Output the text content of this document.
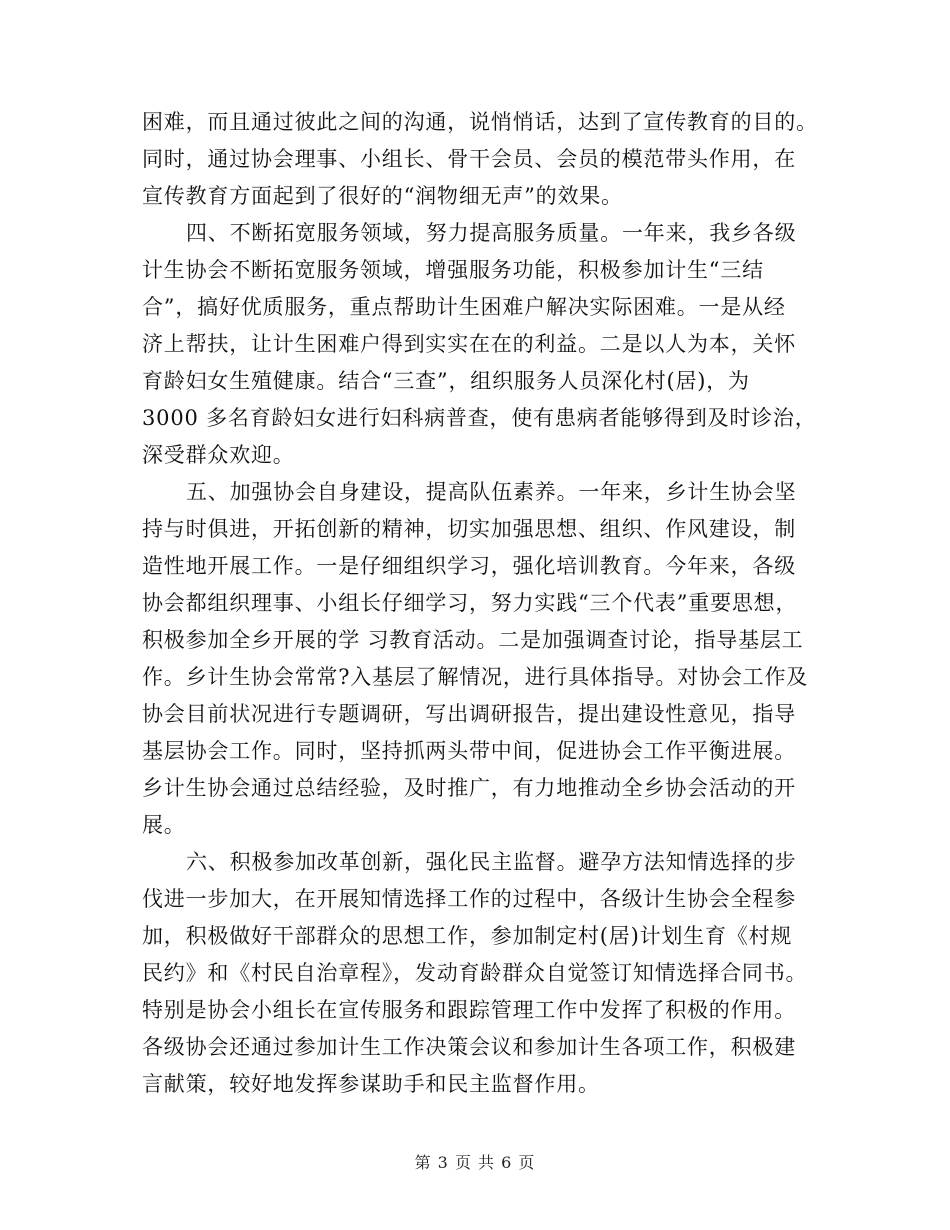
困难，而且通过彼此之间的沟通，说悄悄话，达到了宣传教育的目的。
同时，通过协会理事、小组长、骨干会员、会员的模范带头作用，在
宣传教育方面起到了很好的“润物细无声”的效果。
四、不断拓宽服务领域，努力提高服务质量。一年来，我乡各级
计生协会不断拓宽服务领域，增强服务功能，积极参加计生“三结
合”，搞好优质服务，重点帮助计生困难户解决实际困难。一是从经
济上帮扶，让计生困难户得到实实在在的利益。二是以人为本，关怀
育龄妇女生殖健康。结合“三查”，组织服务人员深化村(居)，为
3000 多名育龄妇女进行妇科病普查，使有患病者能够得到及时诊治，
深受群众欢迎。
五、加强协会自身建设，提高队伍素养。一年来，乡计生协会坚
持与时俱进，开拓创新的精神，切实加强思想、组织、作风建设，制
造性地开展工作。一是仔细组织学习，强化培训教育。今年来，各级
协会都组织理事、小组长仔细学习，努力实践“三个代表”重要思想，
积极参加全乡开展的学 习教育活动。二是加强调查讨论，指导基层工
作。乡计生协会常常?入基层了解情况，进行具体指导。对协会工作及
协会目前状况进行专题调研，写出调研报告，提出建设性意见，指导
基层协会工作。同时，坚持抓两头带中间，促进协会工作平衡进展。
乡计生协会通过总结经验，及时推广，有力地推动全乡协会活动的开
展。
六、积极参加改革创新，强化民主监督。避孕方法知情选择的步
伐进一步加大，在开展知情选择工作的过程中，各级计生协会全程参
加，积极做好干部群众的思想工作，参加制定村(居)计划生育《村规
民约》和《村民自治章程》，发动育龄群众自觉签订知情选择合同书。
特别是协会小组长在宣传服务和跟踪管理工作中发挥了积极的作用。
各级协会还通过参加计生工作决策会议和参加计生各项工作，积极建
言献策，较好地发挥参谋助手和民主监督作用。
第 3 页 共 6 页
